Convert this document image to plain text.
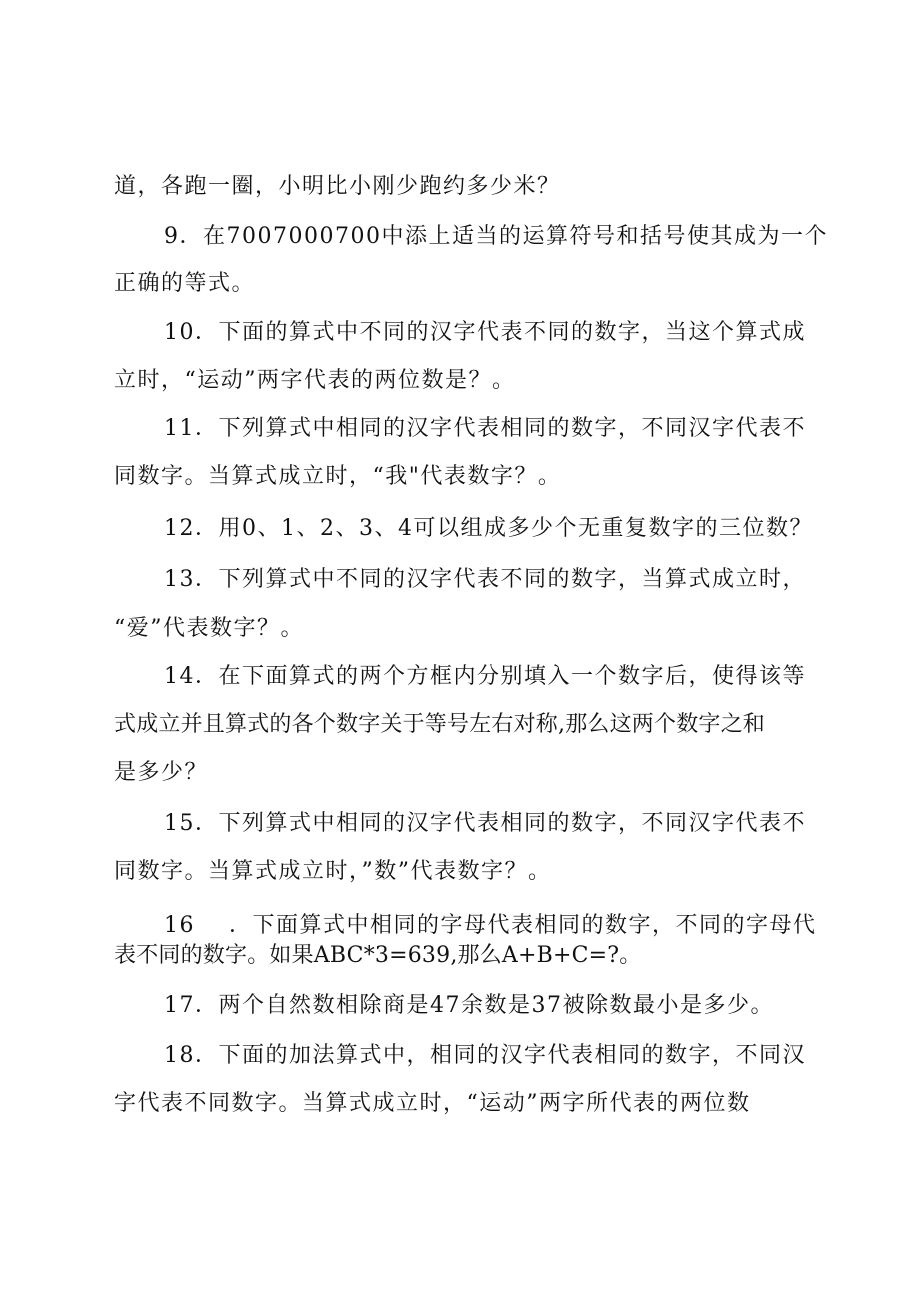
道，各跑一圈，小明比小刚少跑约多少米？
9．在7007000700中添上适当的运算符号和括号使其成为一个
正确的等式。
10．下面的算式中不同的汉字代表不同的数字，当这个算式成
立时，“运动”两字代表的两位数是？。
11．下列算式中相同的汉字代表相同的数字，不同汉字代表不
同数字。当算式成立时，“我"代表数字？。
12．用0、1、2、3、4可以组成多少个无重复数字的三位数？
13．下列算式中不同的汉字代表不同的数字，当算式成立时，
“爱”代表数字？。
14．在下面算式的两个方框内分别填入一个数字后，使得该等
式成立并且算式的各个数字关于等号左右对称,那么这两个数字之和
是多少？
15．下列算式中相同的汉字代表相同的数字，不同汉字代表不
同数字。当算式成立时，”数”代表数字？。
16    ．下面算式中相同的字母代表相同的数字，不同的字母代
表不同的数字。如果ABC*3=639,那么A+B+C=?。
17．两个自然数相除商是47余数是37被除数最小是多少。
18．下面的加法算式中，相同的汉字代表相同的数字，不同汉
字代表不同数字。当算式成立时，“运动”两字所代表的两位数
